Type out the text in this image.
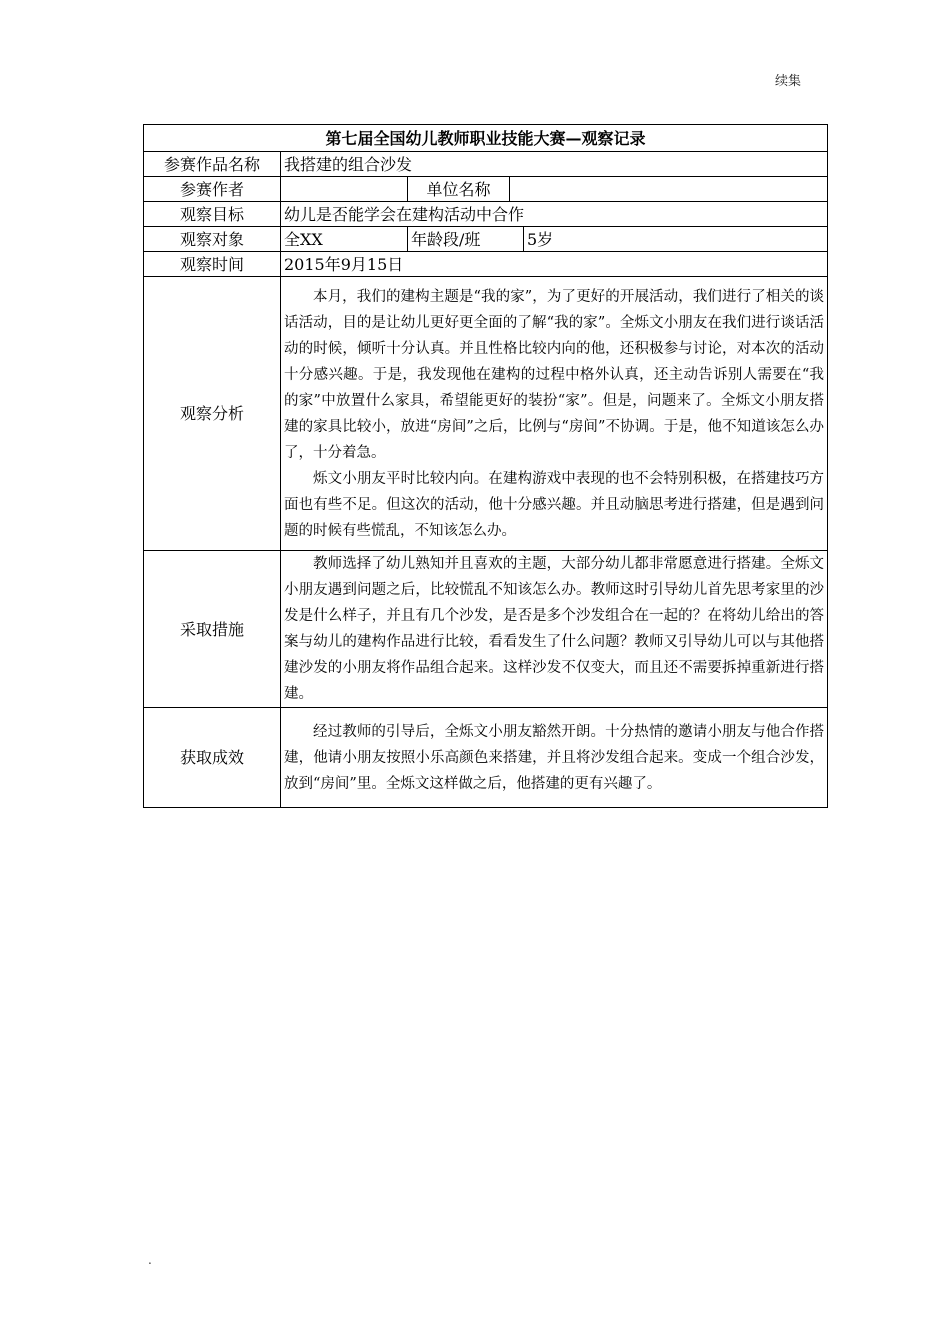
续集
第七届全国幼儿教师职业技能大赛—观察记录				
参赛作品名称	我搭建的组合沙发			
参赛作者		单位名称		
观察目标	幼儿是否能学会在建构活动中合作			
观察对象	全XX	年龄段/班		5岁
观察时间	2015年9月15日			
观察分析	本月，我们的建构主题是“我的家”，为了更好的开展活动，我们进行了相关的谈话活动，目的是让幼儿更好更全面的了解“我的家”。全烁文小朋友在我们进行谈话活动的时候，倾听十分认真。并且性格比较内向的他，还积极参与讨论，对本次的活动十分感兴趣。于是，我发现他在建构的过程中格外认真，还主动告诉别人需要在“我的家”中放置什么家具，希望能更好的装扮“家”。但是，问题来了。全烁文小朋友搭建的家具比较小，放进“房间”之后，比例与“房间”不协调。于是，他不知道该怎么办了，十分着急。

烁文小朋友平时比较内向。在建构游戏中表现的也不会特别积极，在搭建技巧方面也有些不足。但这次的活动，他十分感兴趣。并且动脑思考进行搭建，但是遇到问题的时候有些慌乱，不知该怎么办。			

采取措施	教师选择了幼儿熟知并且喜欢的主题，大部分幼儿都非常愿意进行搭建。全烁文小朋友遇到问题之后，比较慌乱不知该怎么办。教师这时引导幼儿首先思考家里的沙发是什么样子，并且有几个沙发，是否是多个沙发组合在一起的？在将幼儿给出的答案与幼儿的建构作品进行比较，看看发生了什么问题？教师又引导幼儿可以与其他搭建沙发的小朋友将作品组合起来。这样沙发不仅变大，而且还不需要拆掉重新进行搭建。			

获取成效	经过教师的引导后，全烁文小朋友豁然开朗。十分热情的邀请小朋友与他合作搭建，他请小朋友按照小乐高颜色来搭建，并且将沙发组合起来。变成一个组合沙发，放到“房间”里。全烁文这样做之后，他搭建的更有兴趣了。			

.
